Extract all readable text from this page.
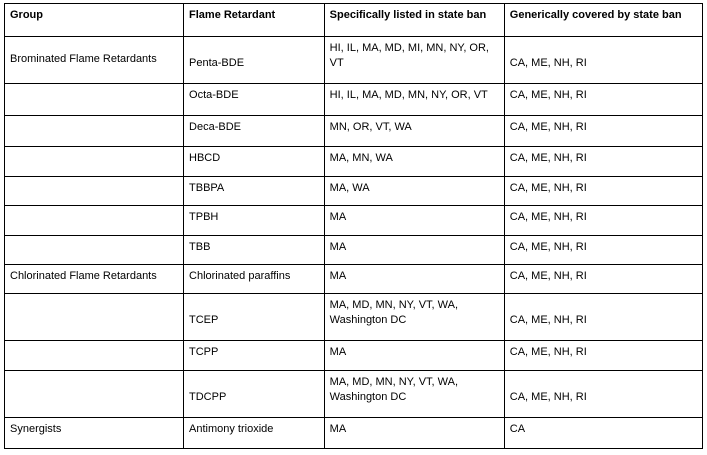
Group	Flame Retardant	Specifically listed in state ban	Generically covered by state ban
Brominated Flame Retardants	Penta-BDE	HI, IL, MA, MD, MI, MN, NY, OR, VT	CA, ME, NH, RI
	Octa-BDE	HI, IL, MA, MD, MN, NY, OR, VT	CA, ME, NH, RI
	Deca-BDE	MN, OR, VT, WA	CA, ME, NH, RI
	HBCD	MA, MN, WA	CA, ME, NH, RI
	TBBPA	MA, WA	CA, ME, NH, RI
	TPBH	MA	CA, ME, NH, RI
	TBB	MA	CA, ME, NH, RI
Chlorinated Flame Retardants	Chlorinated paraffins	MA	CA, ME, NH, RI
	TCEP	MA, MD, MN, NY, VT, WA, Washington DC	CA, ME, NH, RI
	TCPP	MA	CA, ME, NH, RI
	TDCPP	MA, MD, MN, NY, VT, WA, Washington DC	CA, ME, NH, RI
Synergists	Antimony trioxide	MA	CA
